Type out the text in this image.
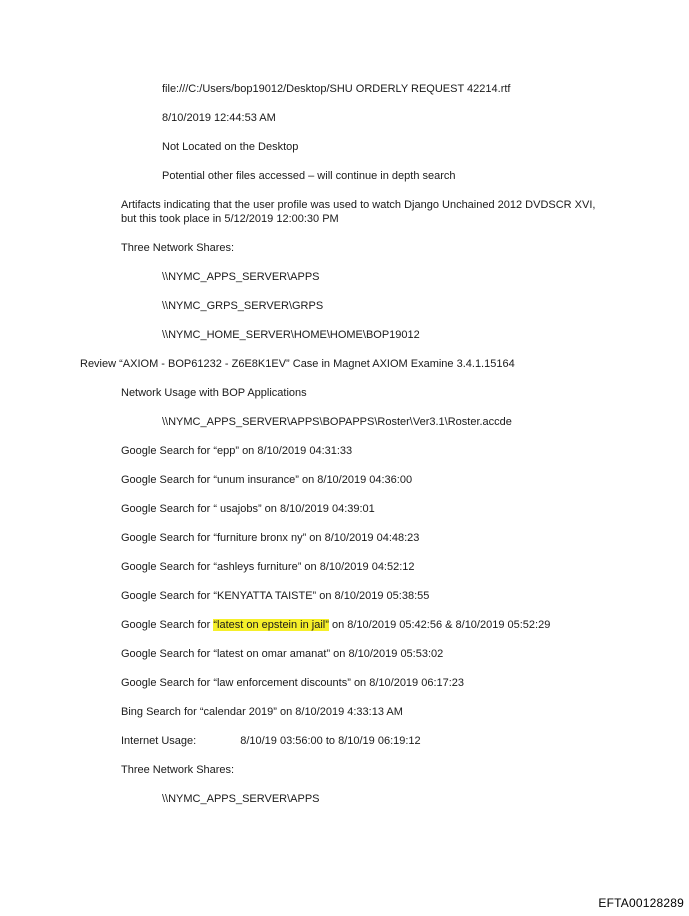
file:///C:/Users/bop19012/Desktop/SHU ORDERLY REQUEST 42214.rtf
8/10/2019 12:44:53 AM
Not Located on the Desktop
Potential other files accessed – will continue in depth search
Artifacts indicating that the user profile was used to watch Django Unchained 2012 DVDSCR XVI,
but this took place in 5/12/2019 12:00:30 PM
Three Network Shares:
\\NYMC_APPS_SERVER\APPS
\\NYMC_GRPS_SERVER\GRPS
\\NYMC_HOME_SERVER\HOME\HOME\BOP19012
Review “AXIOM - BOP61232 - Z6E8K1EV” Case in Magnet AXIOM Examine 3.4.1.15164
Network Usage with BOP Applications
\\NYMC_APPS_SERVER\APPS\BOPAPPS\Roster\Ver3.1\Roster.accde
Google Search for “epp” on 8/10/2019 04:31:33
Google Search for “unum insurance” on 8/10/2019 04:36:00
Google Search for “ usajobs” on 8/10/2019 04:39:01
Google Search for “furniture bronx ny” on 8/10/2019 04:48:23
Google Search for “ashleys furniture” on 8/10/2019 04:52:12
Google Search for “KENYATTA TAISTE” on 8/10/2019 05:38:55
Google Search for “latest on epstein in jail” on 8/10/2019 05:42:56 & 8/10/2019 05:52:29
Google Search for “latest on omar amanat” on 8/10/2019 05:53:02
Google Search for “law enforcement discounts” on 8/10/2019 06:17:23
Bing Search for “calendar 2019” on 8/10/2019 4:33:13 AM
Internet Usage:	8/10/19 03:56:00 to 8/10/19 06:19:12
Three Network Shares:
\\NYMC_APPS_SERVER\APPS
EFTA00128289
